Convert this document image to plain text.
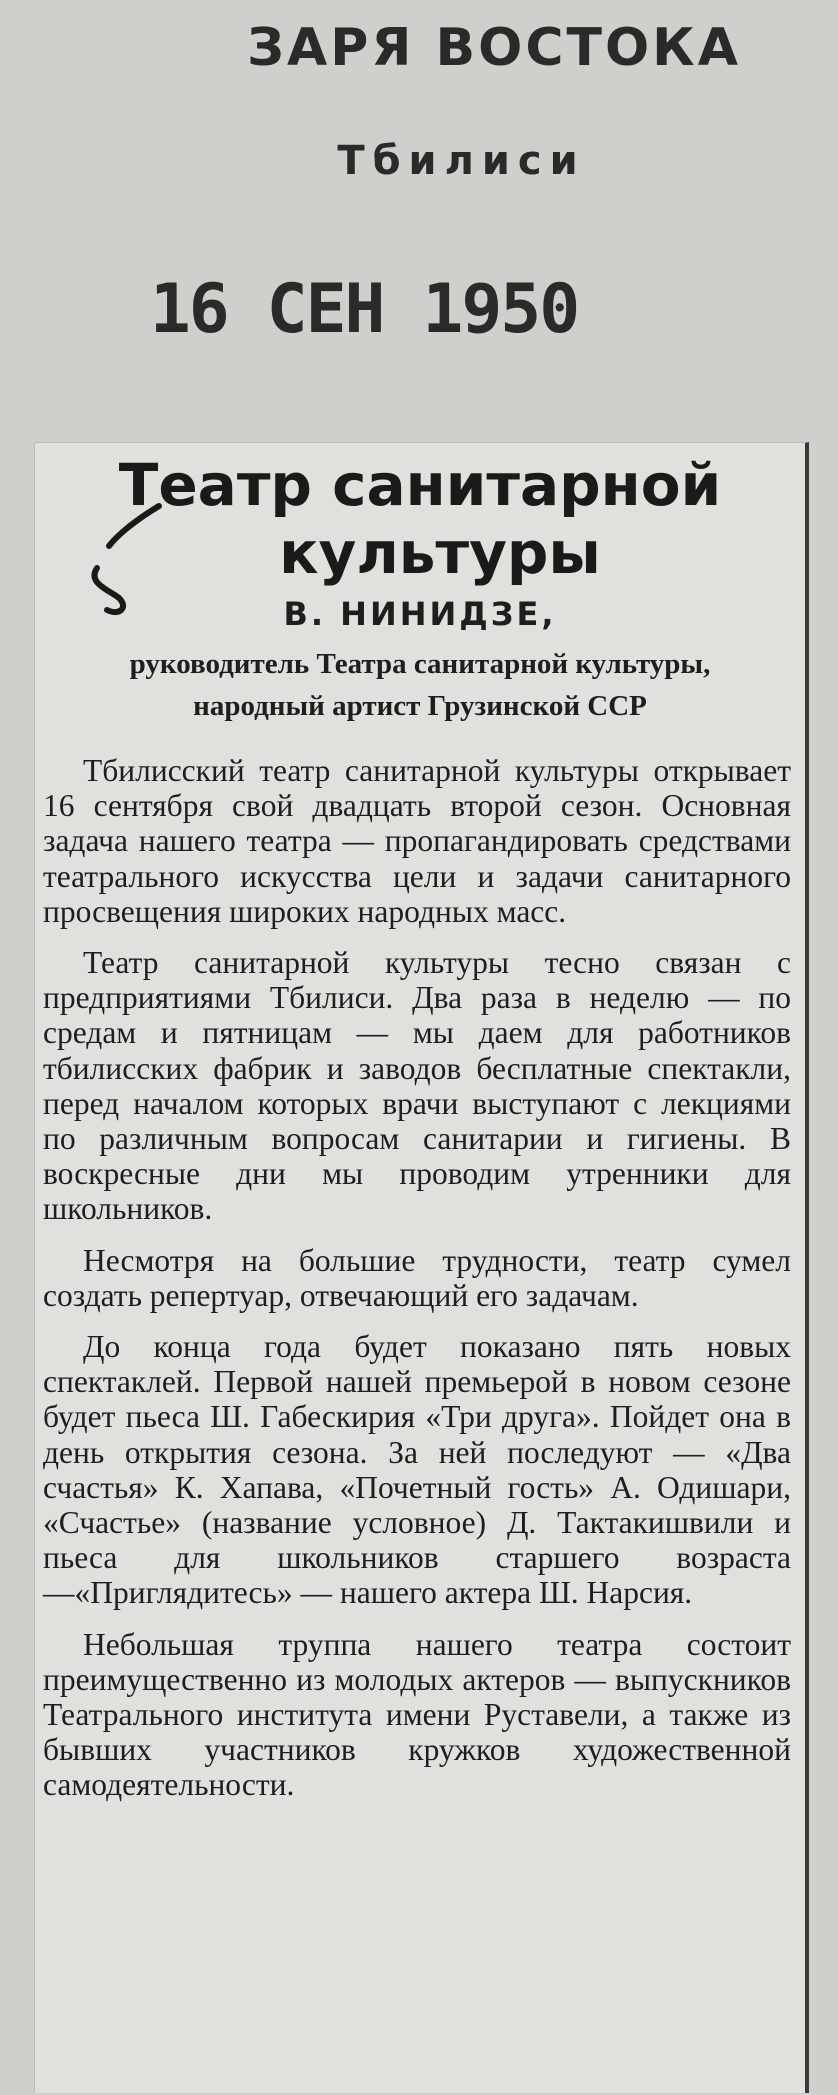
ЗАРЯ ВОСТОКА
Тбилиси
16 СЕН 1950
Театр санитарной
культуры
В. НИНИДЗЕ,
руководитель Театра санитарной культуры,
народный артист Грузинской ССР

Тбилисский театр санитарной культуры открывает 16 сентября свой двадцать второй сезон. Основная задача нашего театра — пропагандировать средствами театрального искусства цели и задачи санитарного просвещения широких народных масс.

Театр санитарной культуры тесно связан с предприятиями Тбилиси. Два раза в неделю — по средам и пятницам — мы даем для работников тбилисских фабрик и заводов бесплатные спектакли, перед началом которых врачи выступают с лекциями по различным вопросам санитарии и гигиены. В воскресные дни мы проводим утренники для школьников.

Несмотря на большие трудности, театр сумел создать репертуар, отвечающий его задачам.

До конца года будет показано пять новых спектаклей. Первой нашей премьерой в новом сезоне будет пьеса Ш. Габескирия «Три друга». Пойдет она в день открытия сезона. За ней последуют — «Два счастья» К. Хапава, «Почетный гость» А. Одишари, «Счастье» (название условное) Д. Тактакишвили и пьеса для школьников старшего возраста—«Приглядитесь» — нашего актера Ш. Нарсия.

Небольшая труппа нашего театра состоит преимущественно из молодых актеров — выпускников Театрального института имени Руставели, а также из бывших участников кружков художественной самодеятельности.
